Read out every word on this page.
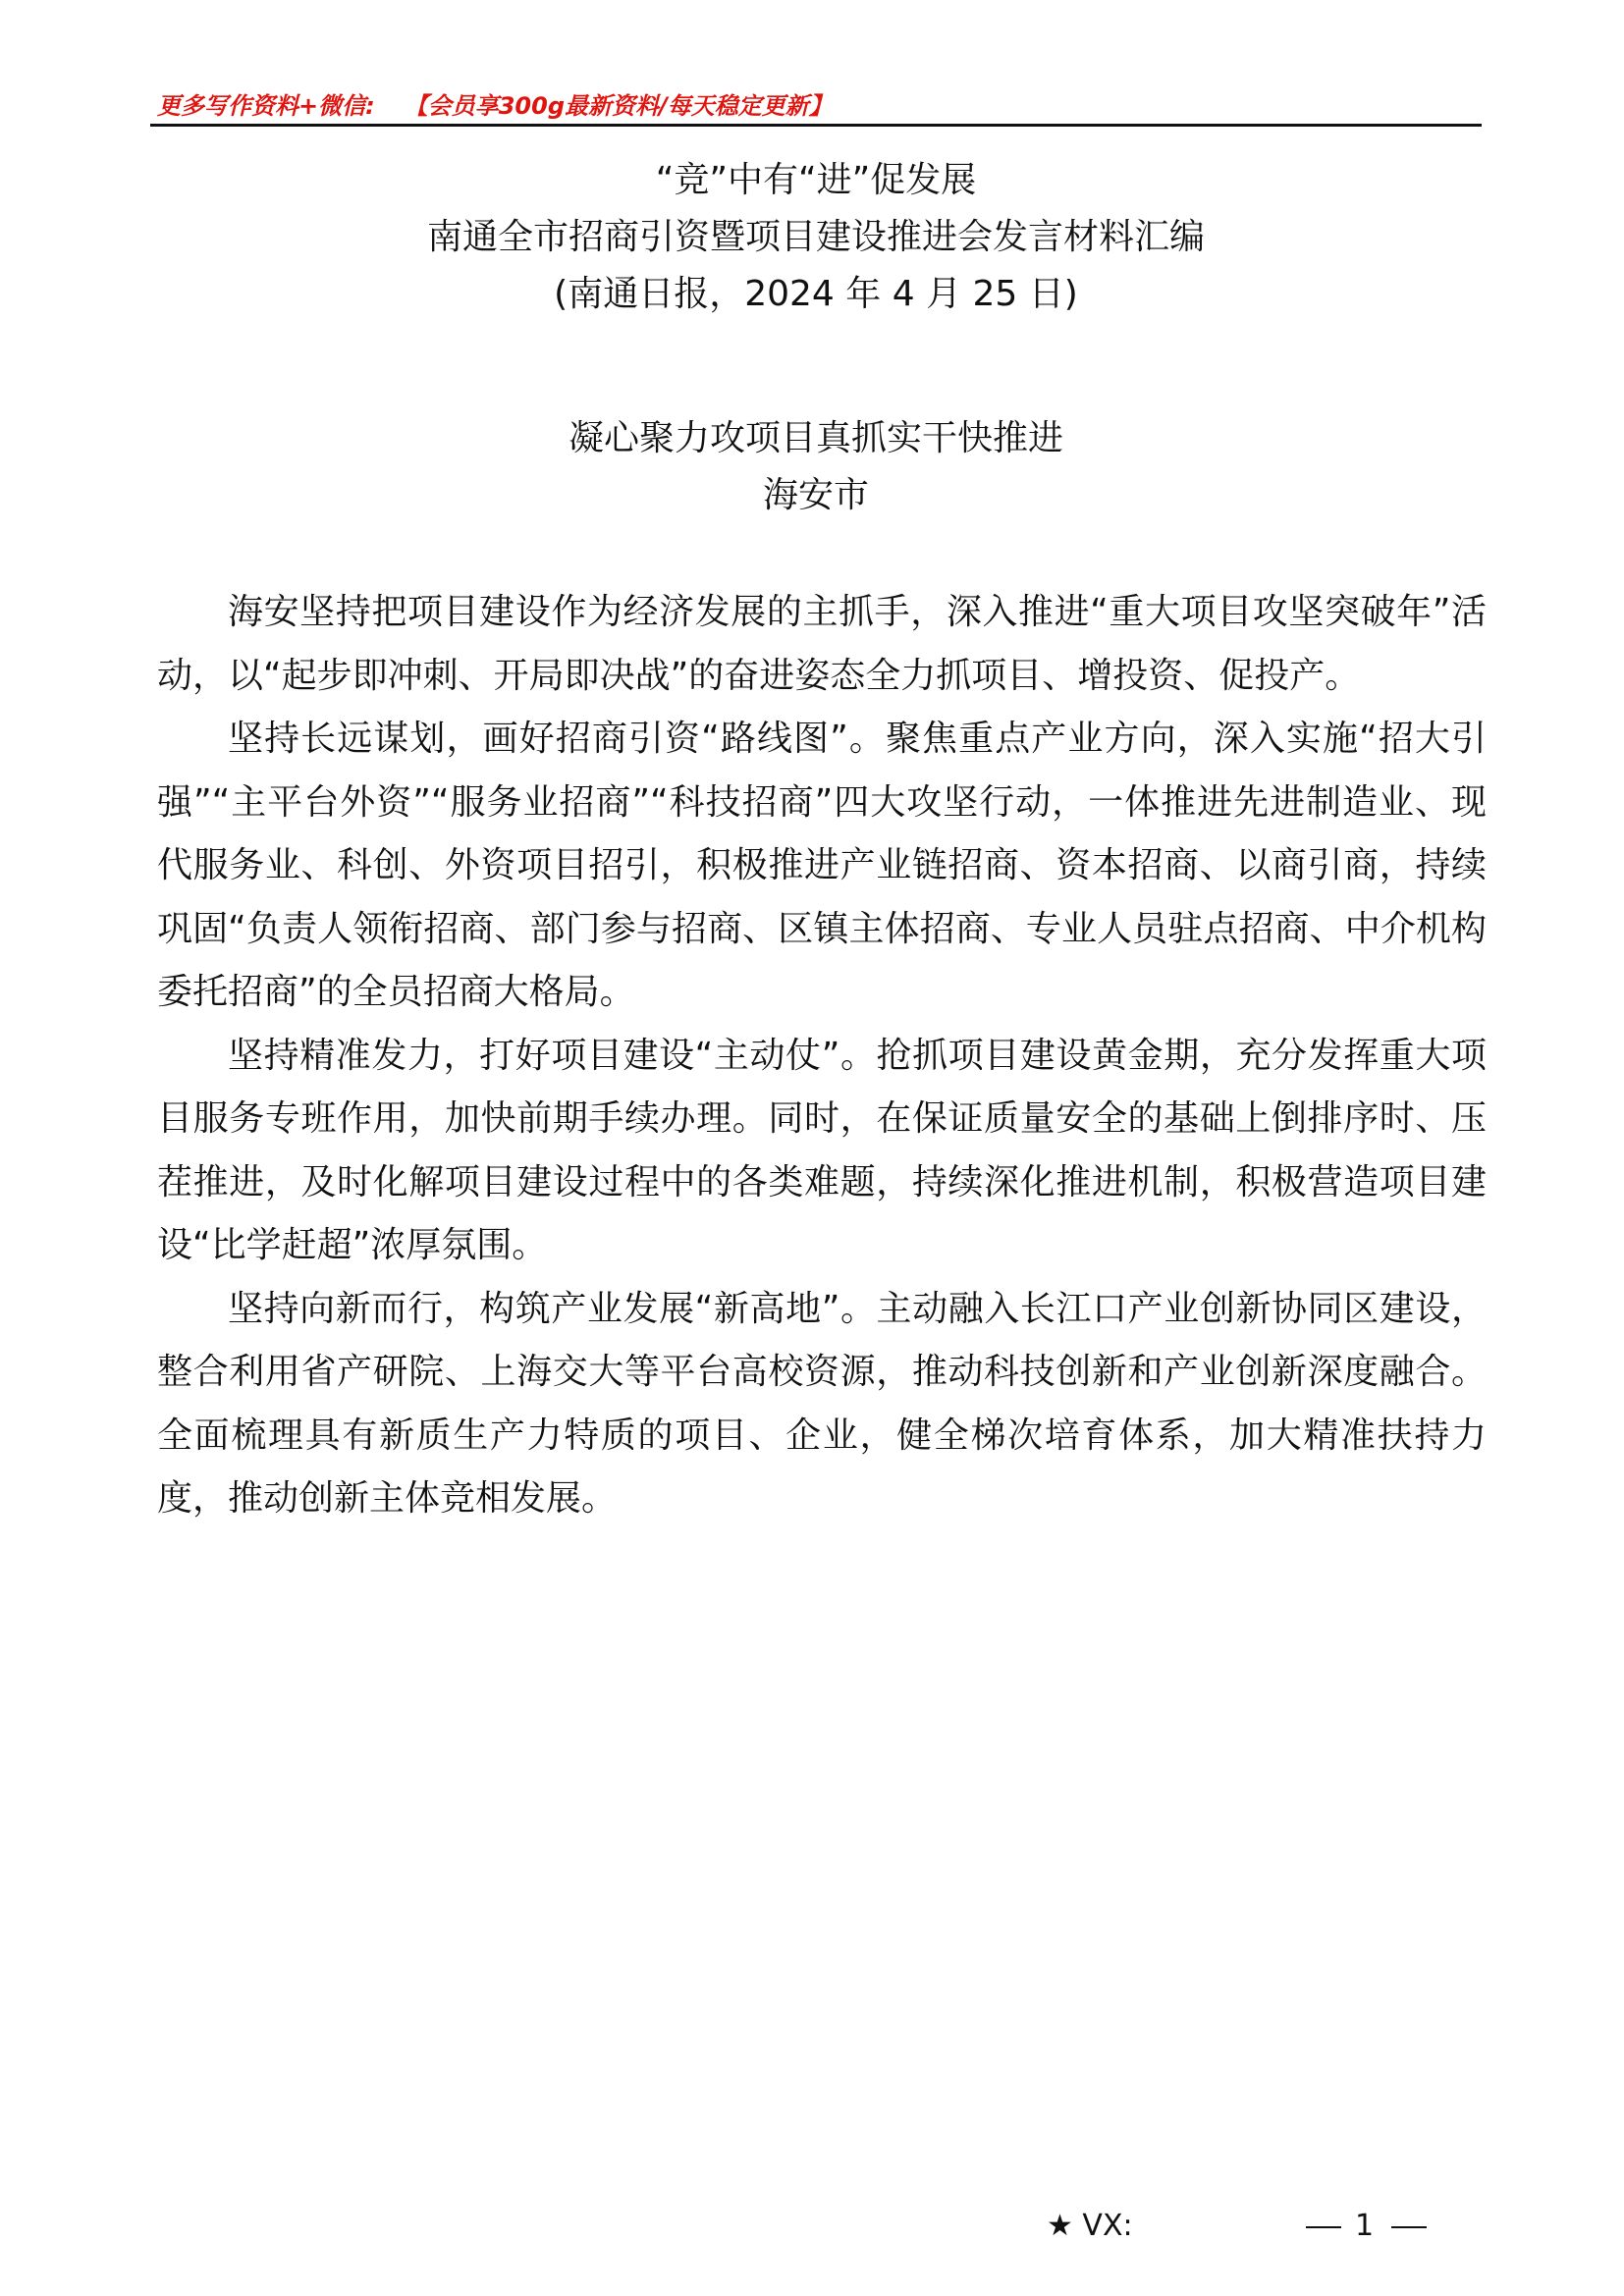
更多写作资料+微信: 【会员享300g最新资料/每天稳定更新】
“竞”中有“进”促发展
南通全市招商引资暨项目建设推进会发言材料汇编
(南通日报，2024 年 4 月 25 日)
凝心聚力攻项目真抓实干快推进
海安市

海安坚持把项目建设作为经济发展的主抓手，深入推进“重大项目攻坚突破年”活动，以“起步即冲刺、开局即决战”的奋进姿态全力抓项目、增投资、促投产。

坚持长远谋划，画好招商引资“路线图”。聚焦重点产业方向，深入实施“招大引强”“主平台外资”“服务业招商”“科技招商”四大攻坚行动，一体推进先进制造业、现代服务业、科创、外资项目招引，积极推进产业链招商、资本招商、以商引商，持续巩固“负责人领衔招商、部门参与招商、区镇主体招商、专业人员驻点招商、中介机构委托招商”的全员招商大格局。

坚持精准发力，打好项目建设“主动仗”。抢抓项目建设黄金期，充分发挥重大项目服务专班作用，加快前期手续办理。同时，在保证质量安全的基础上倒排序时、压茬推进，及时化解项目建设过程中的各类难题，持续深化推进机制，积极营造项目建设“比学赶超”浓厚氛围。

坚持向新而行，构筑产业发展“新高地”。主动融入长江口产业创新协同区建设，整合利用省产研院、上海交大等平台高校资源，推动科技创新和产业创新深度融合。全面梳理具有新质生产力特质的项目、企业，健全梯次培育体系，加大精准扶持力度，推动创新主体竞相发展。

★ VX:	1
